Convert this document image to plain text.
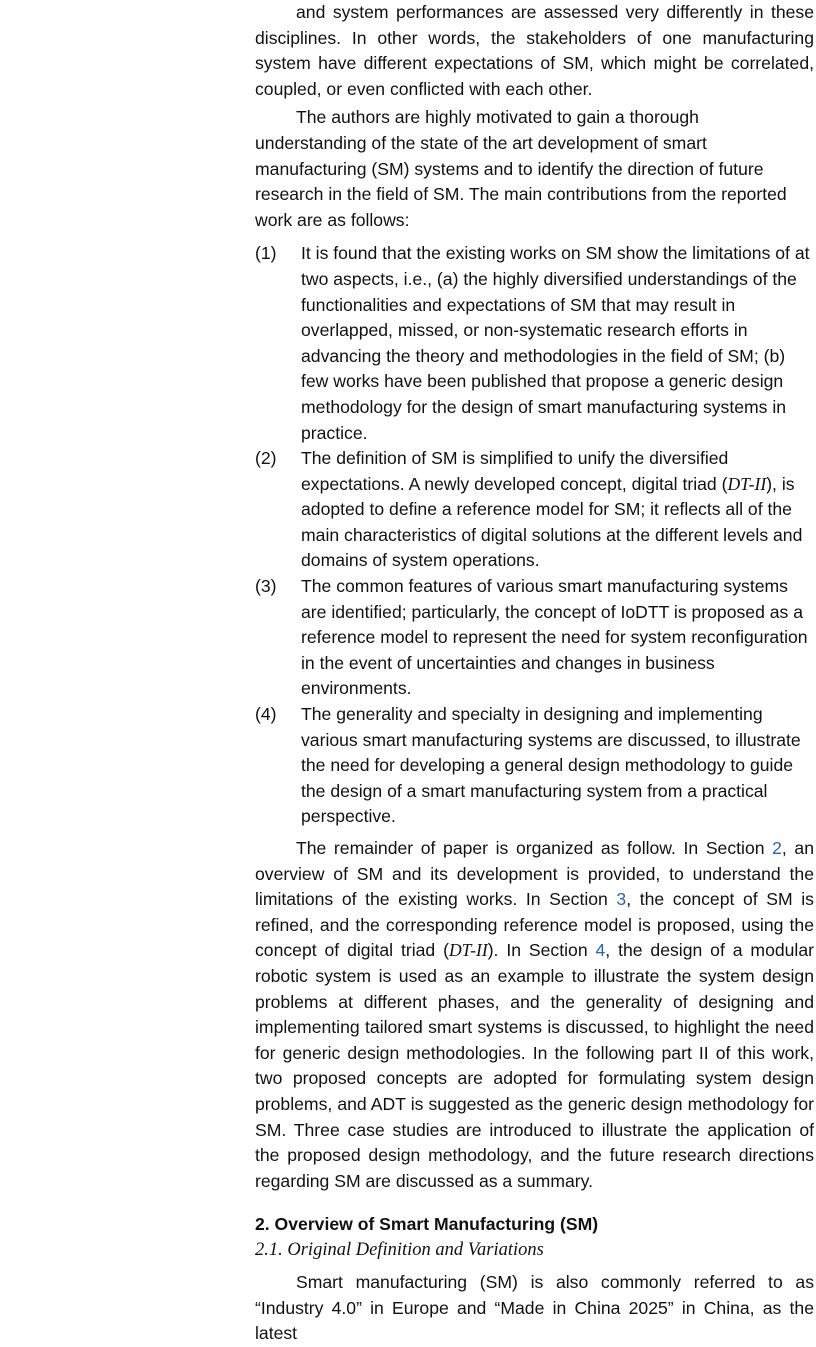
and system performances are assessed very differently in these disciplines. In other words, the stakeholders of one manufacturing system have different expectations of SM, which might be correlated, coupled, or even conflicted with each other.

The authors are highly motivated to gain a thorough understanding of the state of the art development of smart manufacturing (SM) systems and to identify the direction of future research in the field of SM. The main contributions from the reported work are as follows:

(1)	It is found that the existing works on SM show the limitations of at two aspects, i.e., (a) the highly diversified understandings of the functionalities and expectations of SM that may result in overlapped, missed, or non-systematic research efforts in advancing the theory and methodologies in the field of SM; (b) few works have been published that propose a generic design methodology for the design of smart manufacturing systems in practice.
(2)	The definition of SM is simplified to unify the diversified expectations. A newly developed concept, digital triad (DT-II), is adopted to define a reference model for SM; it reflects all of the main characteristics of digital solutions at the different levels and domains of system operations.
(3)	The common features of various smart manufacturing systems are identified; particularly, the concept of IoDTT is proposed as a reference model to represent the need for system reconfiguration in the event of uncertainties and changes in business environments.
(4)	The generality and specialty in designing and implementing various smart manufacturing systems are discussed, to illustrate the need for developing a general design methodology to guide the design of a smart manufacturing system from a practical perspective.

The remainder of paper is organized as follow. In Section 2, an overview of SM and its development is provided, to understand the limitations of the existing works. In Section 3, the concept of SM is refined, and the corresponding reference model is proposed, using the concept of digital triad (DT-II). In Section 4, the design of a modular robotic system is used as an example to illustrate the system design problems at different phases, and the generality of designing and implementing tailored smart systems is discussed, to highlight the need for generic design methodologies. In the following part II of this work, two proposed concepts are adopted for formulating system design problems, and ADT is suggested as the generic design methodology for SM. Three case studies are introduced to illustrate the application of the proposed design methodology, and the future research directions regarding SM are discussed as a summary.

2. Overview of Smart Manufacturing (SM)
2.1. Original Definition and Variations

Smart manufacturing (SM) is also commonly referred to as “Industry 4.0” in Europe and “Made in China 2025” in China, as the latest
